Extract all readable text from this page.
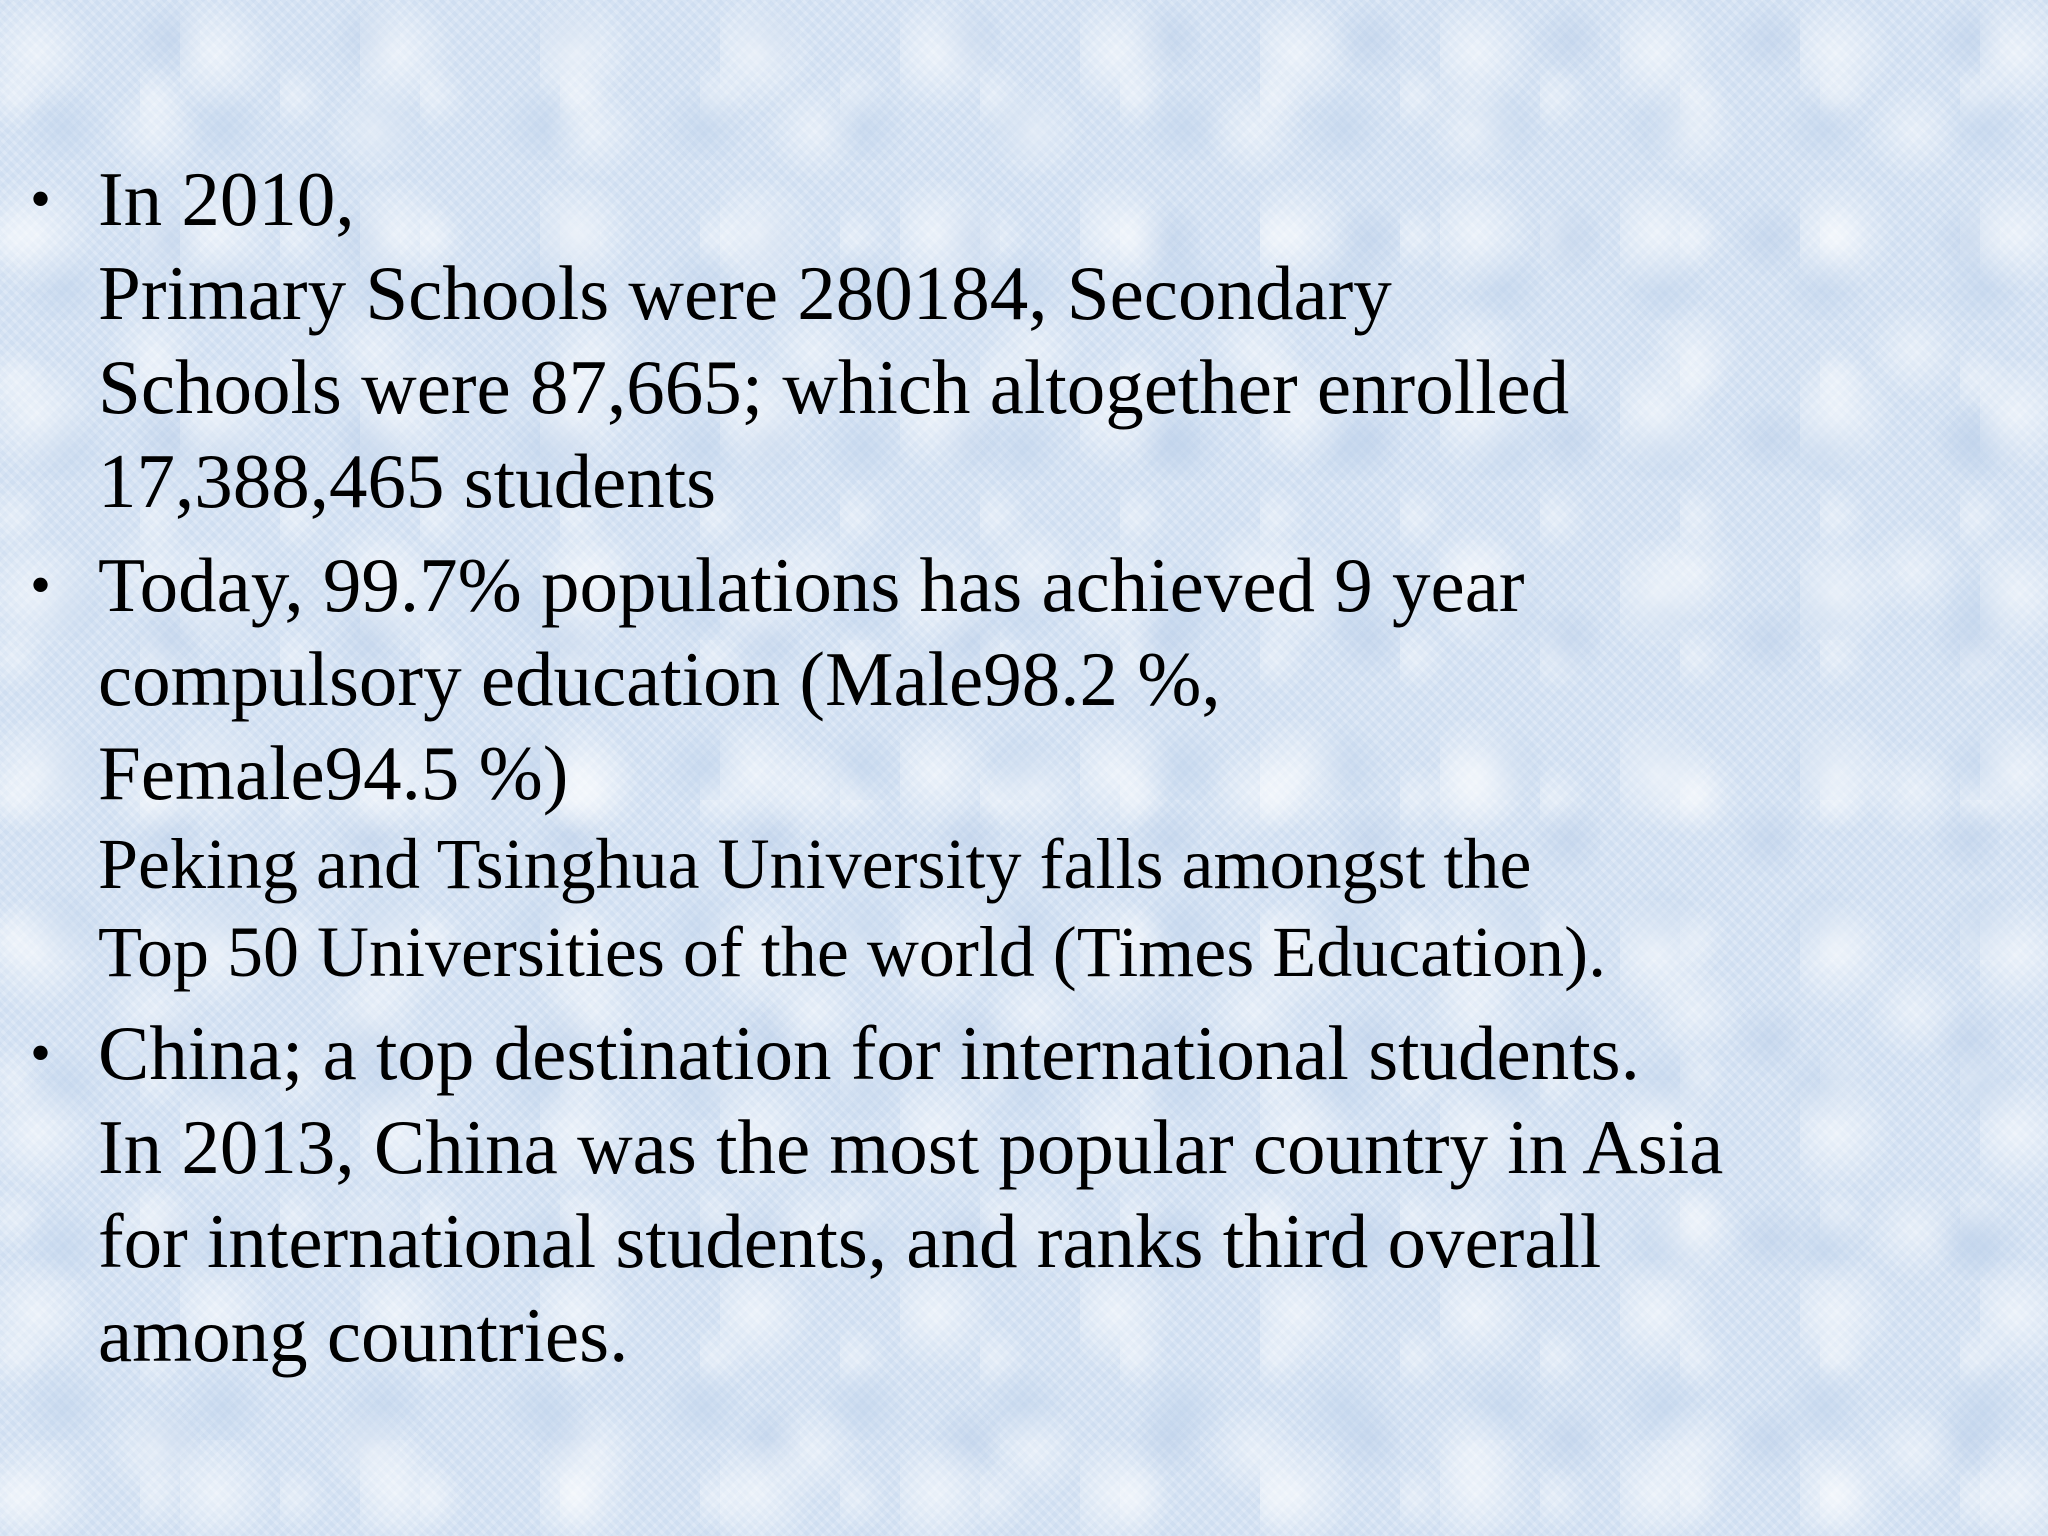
• In 2010,
Primary Schools were 280184, Secondary
Schools were 87,665; which altogether enrolled
17,388,465 students
• Today, 99.7% populations has achieved 9 year
compulsory education (Male98.2 %,
Female94.5 %)
Peking and Tsinghua University falls amongst the
Top 50 Universities of the world (Times Education).
• China; a top destination for international students.
In 2013, China was the most popular country in Asia
for international students, and ranks third overall
among countries.
